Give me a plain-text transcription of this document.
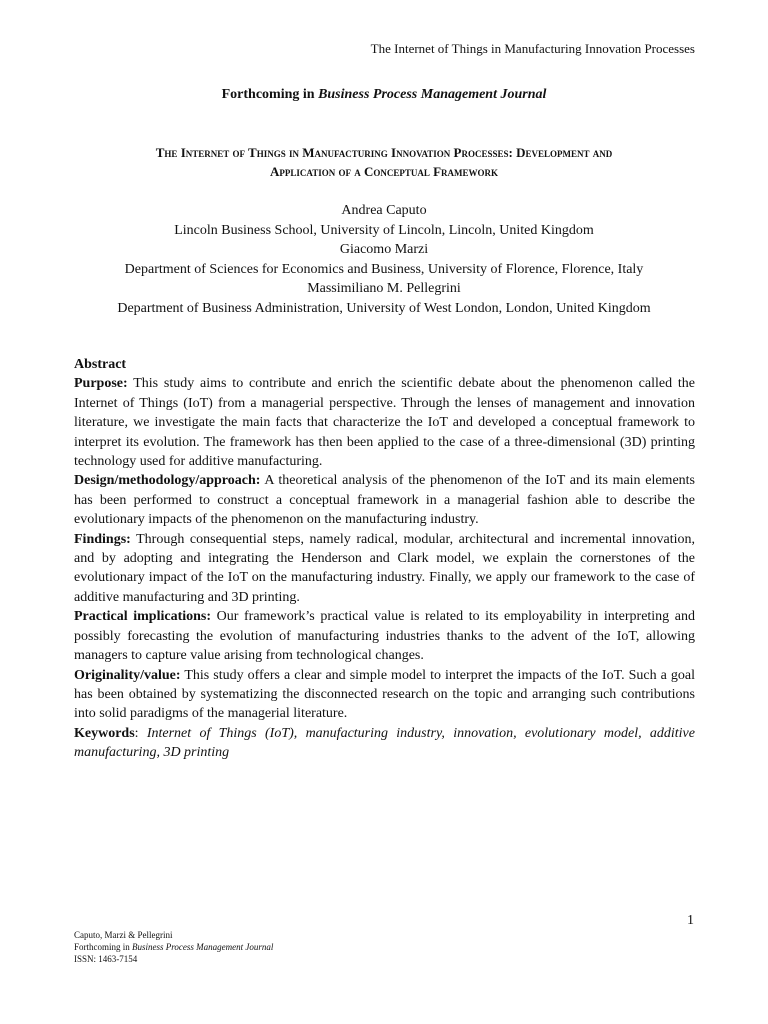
The Internet of Things in Manufacturing Innovation Processes
Forthcoming in Business Process Management Journal
The Internet of Things in Manufacturing Innovation Processes: Development and
Application of a Conceptual Framework
Andrea Caputo
Lincoln Business School, University of Lincoln, Lincoln, United Kingdom
Giacomo Marzi
Department of Sciences for Economics and Business, University of Florence, Florence, Italy
Massimiliano M. Pellegrini
Department of Business Administration, University of West London, London, United Kingdom

Abstract

Purpose: This study aims to contribute and enrich the scientific debate about the phenomenon called the Internet of Things (IoT) from a managerial perspective. Through the lenses of management and innovation literature, we investigate the main facts that characterize the IoT and developed a conceptual framework to interpret its evolution. The framework has then been applied to the case of a three-dimensional (3D) printing technology used for additive manufacturing.

Design/methodology/approach: A theoretical analysis of the phenomenon of the IoT and its main elements has been performed to construct a conceptual framework in a managerial fashion able to describe the evolutionary impacts of the phenomenon on the manufacturing industry.

Findings: Through consequential steps, namely radical, modular, architectural and incremental innovation, and by adopting and integrating the Henderson and Clark model, we explain the cornerstones of the evolutionary impact of the IoT on the manufacturing industry. Finally, we apply our framework to the case of additive manufacturing and 3D printing.

Practical implications: Our framework’s practical value is related to its employability in interpreting and possibly forecasting the evolution of manufacturing industries thanks to the advent of the IoT, allowing managers to capture value arising from technological changes.

Originality/value: This study offers a clear and simple model to interpret the impacts of the IoT. Such a goal has been obtained by systematizing the disconnected research on the topic and arranging such contributions into solid paradigms of the managerial literature.

Keywords: Internet of Things (IoT), manufacturing industry, innovation, evolutionary model, additive manufacturing, 3D printing

1
Caputo, Marzi & Pellegrini
Forthcoming in Business Process Management Journal
ISSN: 1463-7154
